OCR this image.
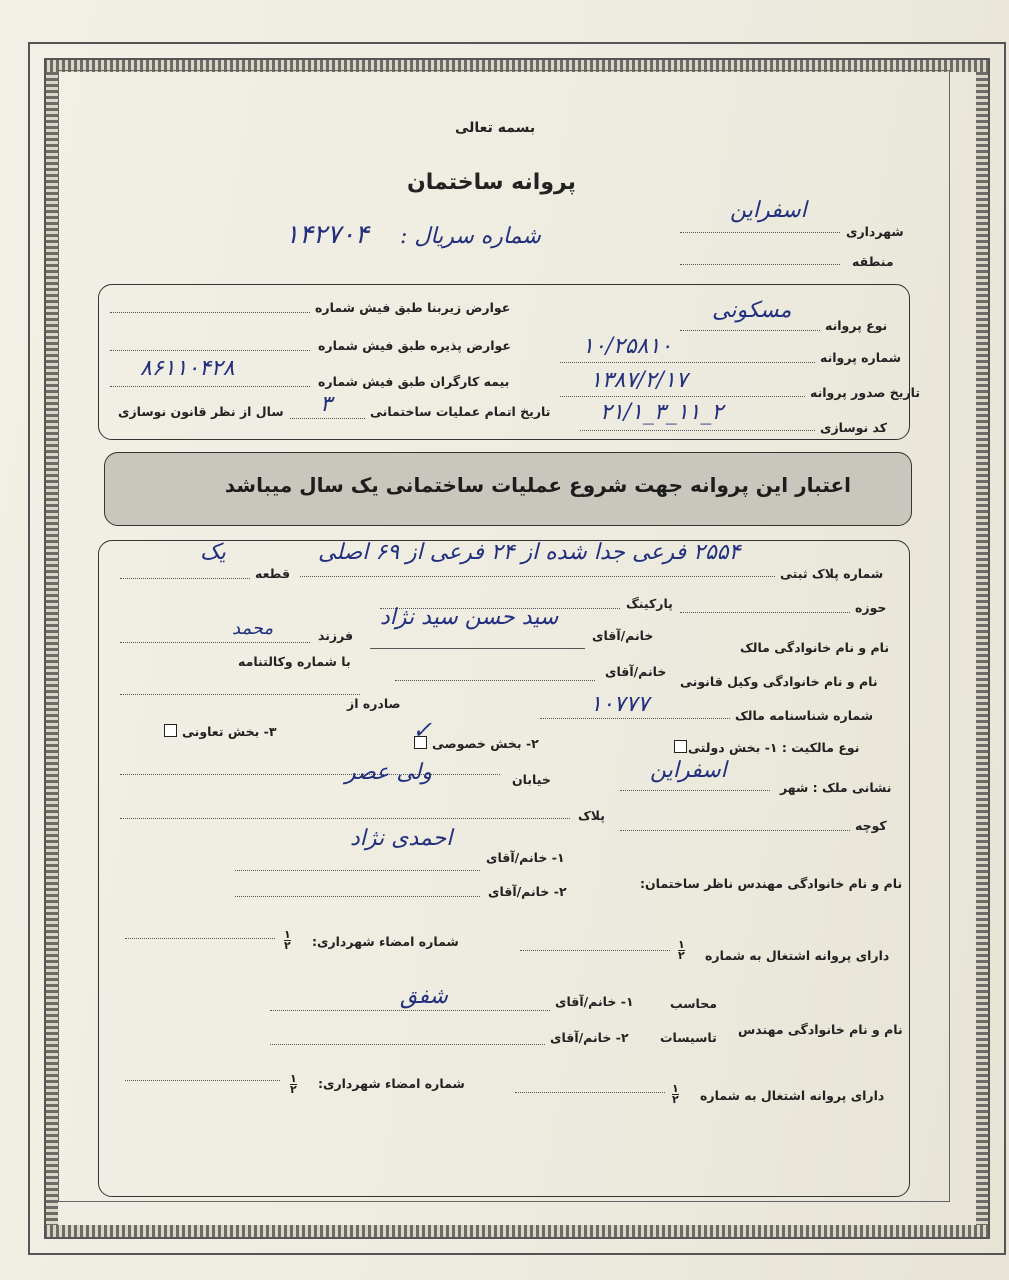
بسمه تعالی
پروانه ساختمان
شهرداری
اسفراین
منطقه
شماره سریال :
۱۴۲۷۰۴
نوع پروانه
مسکونی
شماره پروانه
۱۰/۲۵۸۱۰
تاریخ صدور پروانه
۱۳۸۷/۲/۱۷
کد نوسازی
۲_۱۱_۳_۲۱/۱
عوارض زیربنا طبق فیش شماره
عوارض پذیره طبق فیش شماره
بیمه کارگران طبق فیش شماره
۸۶۱۱۰۴۲۸
تاریخ اتمام عملیات ساختمانی
۳
سال از نظر قانون نوسازی
اعتبار این پروانه جهت شروع عملیات ساختمانی یک سال میباشد
شماره پلاک ثبتی
۲۵۵۴ فرعی جدا شده از ۲۴ فرعی از ۶۹ اصلی
قطعه
یک
حوزه
پارکینگ
نام و نام خانوادگی مالک
خانم/آقای
سید حسن سید نژاد
فرزند
محمد
با شماره وکالتنامه
نام و نام خانوادگی وکیل قانونی
خانم/آقای
شماره شناسنامه مالک
۱۰۷۷۷
صادره از
نوع مالکیت : ۱- بخش دولتی
۲- بخش خصوصی
✓
۳- بخش تعاونی
نشانی ملک : شهر
اسفراین
خیابان
ولی عصر
کوچه
پلاک
نام و نام خانوادگی مهندس ناظر ساختمان:
۱- خانم/آقای
احمدی نژاد
۲- خانم/آقای
دارای پروانه اشتغال به شماره
۱
۲
شماره امضاء شهرداری:
۱
۲
نام و نام خانوادگی مهندس
محاسب
۱- خانم/آقای
شفق
تاسیسات
۲- خانم/آقای
دارای پروانه اشتغال به شماره
۱
۲
شماره امضاء شهرداری:
۱
۲
